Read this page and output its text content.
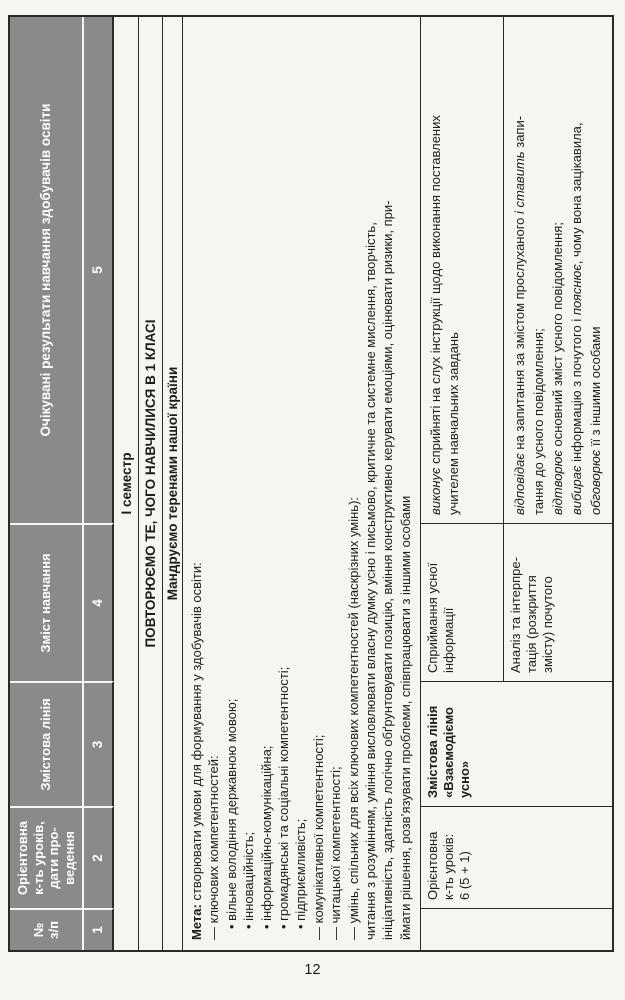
№ з/п
Орієнтовна к-ть уроків, дати про- ведення
Змістова лінія
Зміст навчання
Очікувані результати навчання здобувачів освіти
1
2
3
4
5
І семестр ПОВТОРЮЄМО ТЕ, ЧОГО НАВЧИЛИСЯ В 1 КЛАСІ Мандруємо теренами нашої країни
Мета: створювати умови для формування у здобувачів освіти: — ключових компетентностей: • вільне володіння державною мовою; • інноваційність; • інформаційно-комунікаційна; • громадянські та соціальні компетентності; • підприємливість; — комунікативної компетентності; — читацької компетентності; — умінь, спільних для всіх ключових компетентностей (наскрізних умінь): читання з розумінням, уміння висловлювати власну думку усно і письмово, критичне та системне мислення, творчість, ініціативність, здатність логічно обґрунтовувати позицію, вміння конструктивно керувати емоціями, оцінювати ризики, при- ймати рішення, розв’язувати проблеми, співпрацювати з іншими особами Орієнтовна к-ть уроків: 6 (5 + 1)
Змістова лінія «Взаємодіємо усно»
Сприймання усної інформації
виконує сприйняті на слух інструкції щодо виконання поставлених учителем навчальних завдань
Аналіз та інтерпре- тація (розкриття змісту) почутого
відповідає на запитання за змістом прослуханого і ставить запи-
тання до усного повідомлення; відтворює основний зміст усного повідомлення;
вибирає інформацію з почутого і пояснює, чому вона зацікавила,
обговорює її з іншими особами
12
